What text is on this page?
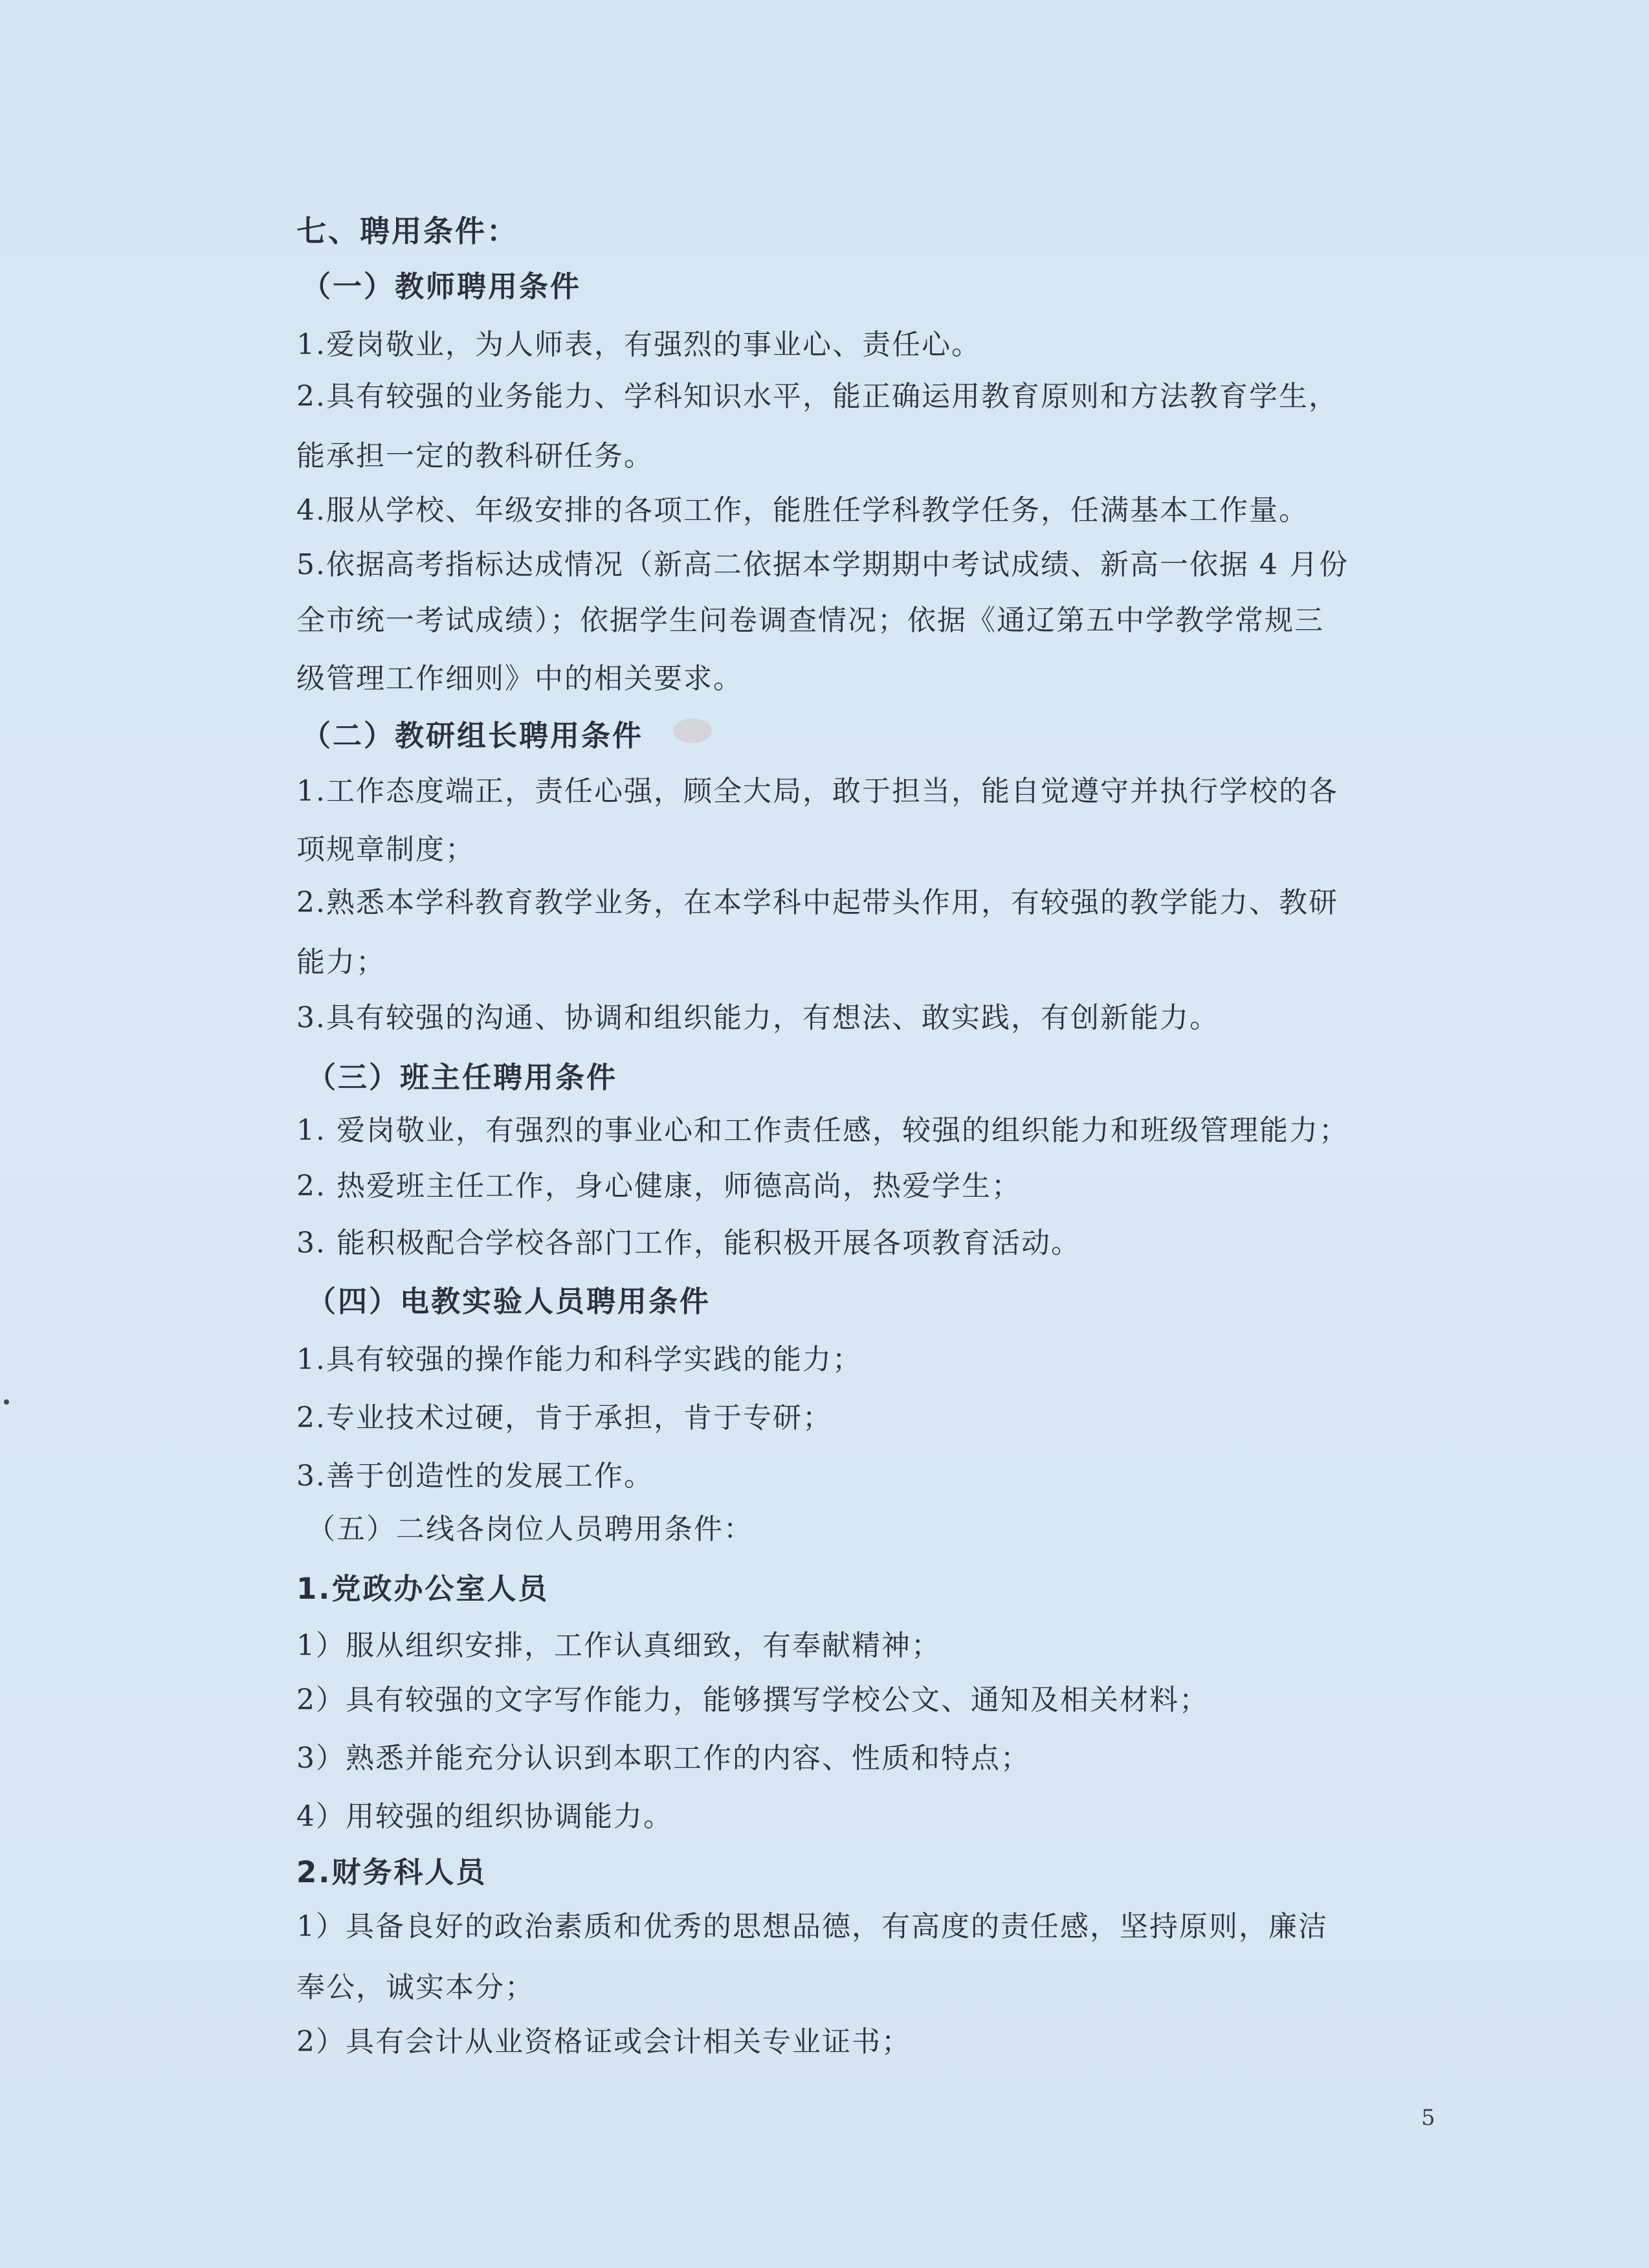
七、聘用条件：
（一）教师聘用条件
1.爱岗敬业，为人师表，有强烈的事业心、责任心。
2.具有较强的业务能力、学科知识水平，能正确运用教育原则和方法教育学生，
能承担一定的教科研任务。
4.服从学校、年级安排的各项工作，能胜任学科教学任务，任满基本工作量。
5.依据高考指标达成情况（新高二依据本学期期中考试成绩、新高一依据 4 月份
全市统一考试成绩）；依据学生问卷调查情况；依据《通辽第五中学教学常规三
级管理工作细则》中的相关要求。
（二）教研组长聘用条件
1.工作态度端正，责任心强，顾全大局，敢于担当，能自觉遵守并执行学校的各
项规章制度；
2.熟悉本学科教育教学业务，在本学科中起带头作用，有较强的教学能力、教研
能力；
3.具有较强的沟通、协调和组织能力，有想法、敢实践，有创新能力。
（三）班主任聘用条件
1. 爱岗敬业，有强烈的事业心和工作责任感，较强的组织能力和班级管理能力；
2. 热爱班主任工作，身心健康，师德高尚，热爱学生；
3. 能积极配合学校各部门工作，能积极开展各项教育活动。
（四）电教实验人员聘用条件
1.具有较强的操作能力和科学实践的能力；
2.专业技术过硬，肯于承担，肯于专研；
3.善于创造性的发展工作。
（五）二线各岗位人员聘用条件：
1.党政办公室人员
1）服从组织安排，工作认真细致，有奉献精神；
2）具有较强的文字写作能力，能够撰写学校公文、通知及相关材料；
3）熟悉并能充分认识到本职工作的内容、性质和特点；
4）用较强的组织协调能力。
2.财务科人员
1）具备良好的政治素质和优秀的思想品德，有高度的责任感，坚持原则，廉洁
奉公，诚实本分；
2）具有会计从业资格证或会计相关专业证书；
5
